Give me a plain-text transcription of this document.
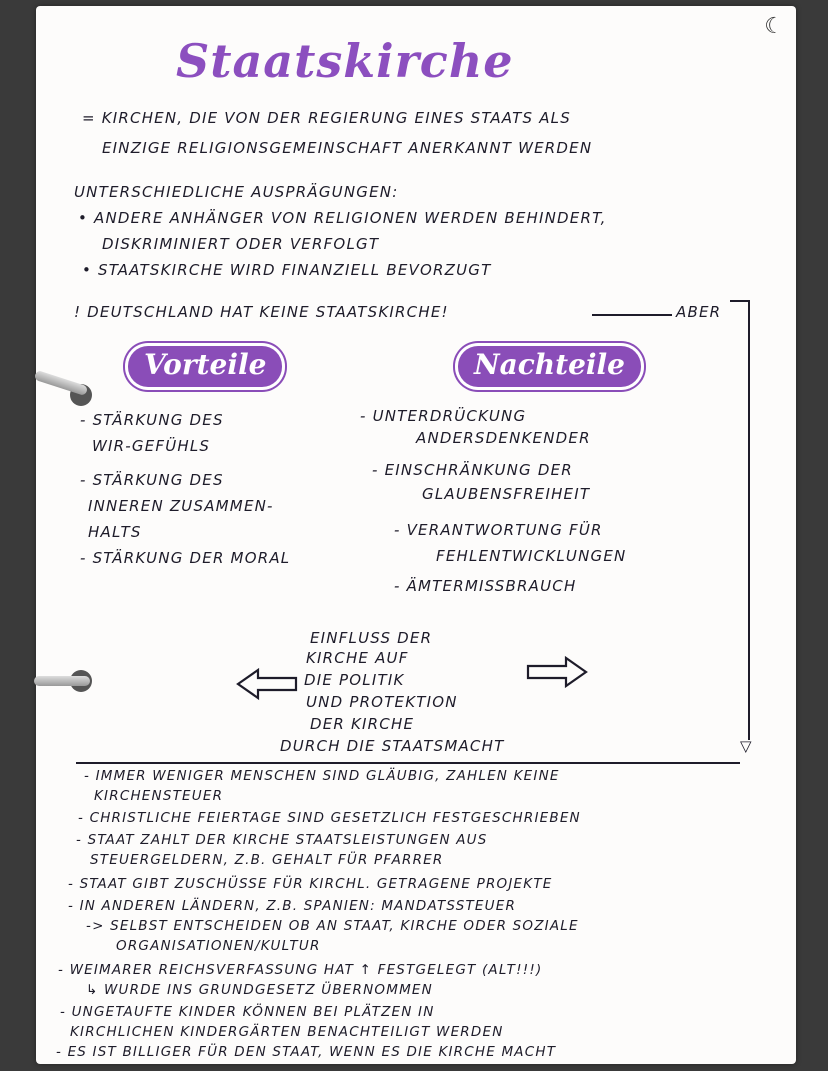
☾
Staatskirche
= KIRCHEN, DIE VON DER REGIERUNG EINES STAATS ALS
EINZIGE RELIGIONSGEMEINSCHAFT ANERKANNT WERDEN
UNTERSCHIEDLICHE AUSPRÄGUNGEN:
• ANDERE ANHÄNGER VON RELIGIONEN WERDEN BEHINDERT,
DISKRIMINIERT ODER VERFOLGT
• STAATSKIRCHE WIRD FINANZIELL BEVORZUGT
! DEUTSCHLAND HAT KEINE STAATSKIRCHE!	ABER
▽
Vorteile	Nachteile
- STÄRKUNG DES
WIR-GEFÜHLS
- STÄRKUNG DES
INNEREN ZUSAMMEN-
HALTS
- STÄRKUNG DER MORAL
- UNTERDRÜCKUNG
ANDERSDENKENDER
- EINSCHRÄNKUNG DER
GLAUBENSFREIHEIT
- VERANTWORTUNG FÜR
FEHLENTWICKLUNGEN
- ÄMTERMISSBRAUCH
EINFLUSS DER
KIRCHE AUF
DIE POLITIK
UND PROTEKTION
DER KIRCHE
DURCH DIE STAATSMACHT
- IMMER WENIGER MENSCHEN SIND GLÄUBIG, ZAHLEN KEINE
KIRCHENSTEUER
- CHRISTLICHE FEIERTAGE SIND GESETZLICH FESTGESCHRIEBEN
- STAAT ZAHLT DER KIRCHE STAATSLEISTUNGEN AUS
STEUERGELDERN, Z.B. GEHALT FÜR PFARRER
- STAAT GIBT ZUSCHÜSSE FÜR KIRCHL. GETRAGENE PROJEKTE
- IN ANDEREN LÄNDERN, Z.B. SPANIEN: MANDATSSTEUER
-> SELBST ENTSCHEIDEN OB AN STAAT, KIRCHE ODER SOZIALE
ORGANISATIONEN/KULTUR
- WEIMARER REICHSVERFASSUNG HAT ↑ FESTGELEGT (ALT!!!)
↳ WURDE INS GRUNDGESETZ ÜBERNOMMEN
- UNGETAUFTE KINDER KÖNNEN BEI PLÄTZEN IN
KIRCHLICHEN KINDERGÄRTEN BENACHTEILIGT WERDEN
- ES IST BILLIGER FÜR DEN STAAT, WENN ES DIE KIRCHE MACHT
